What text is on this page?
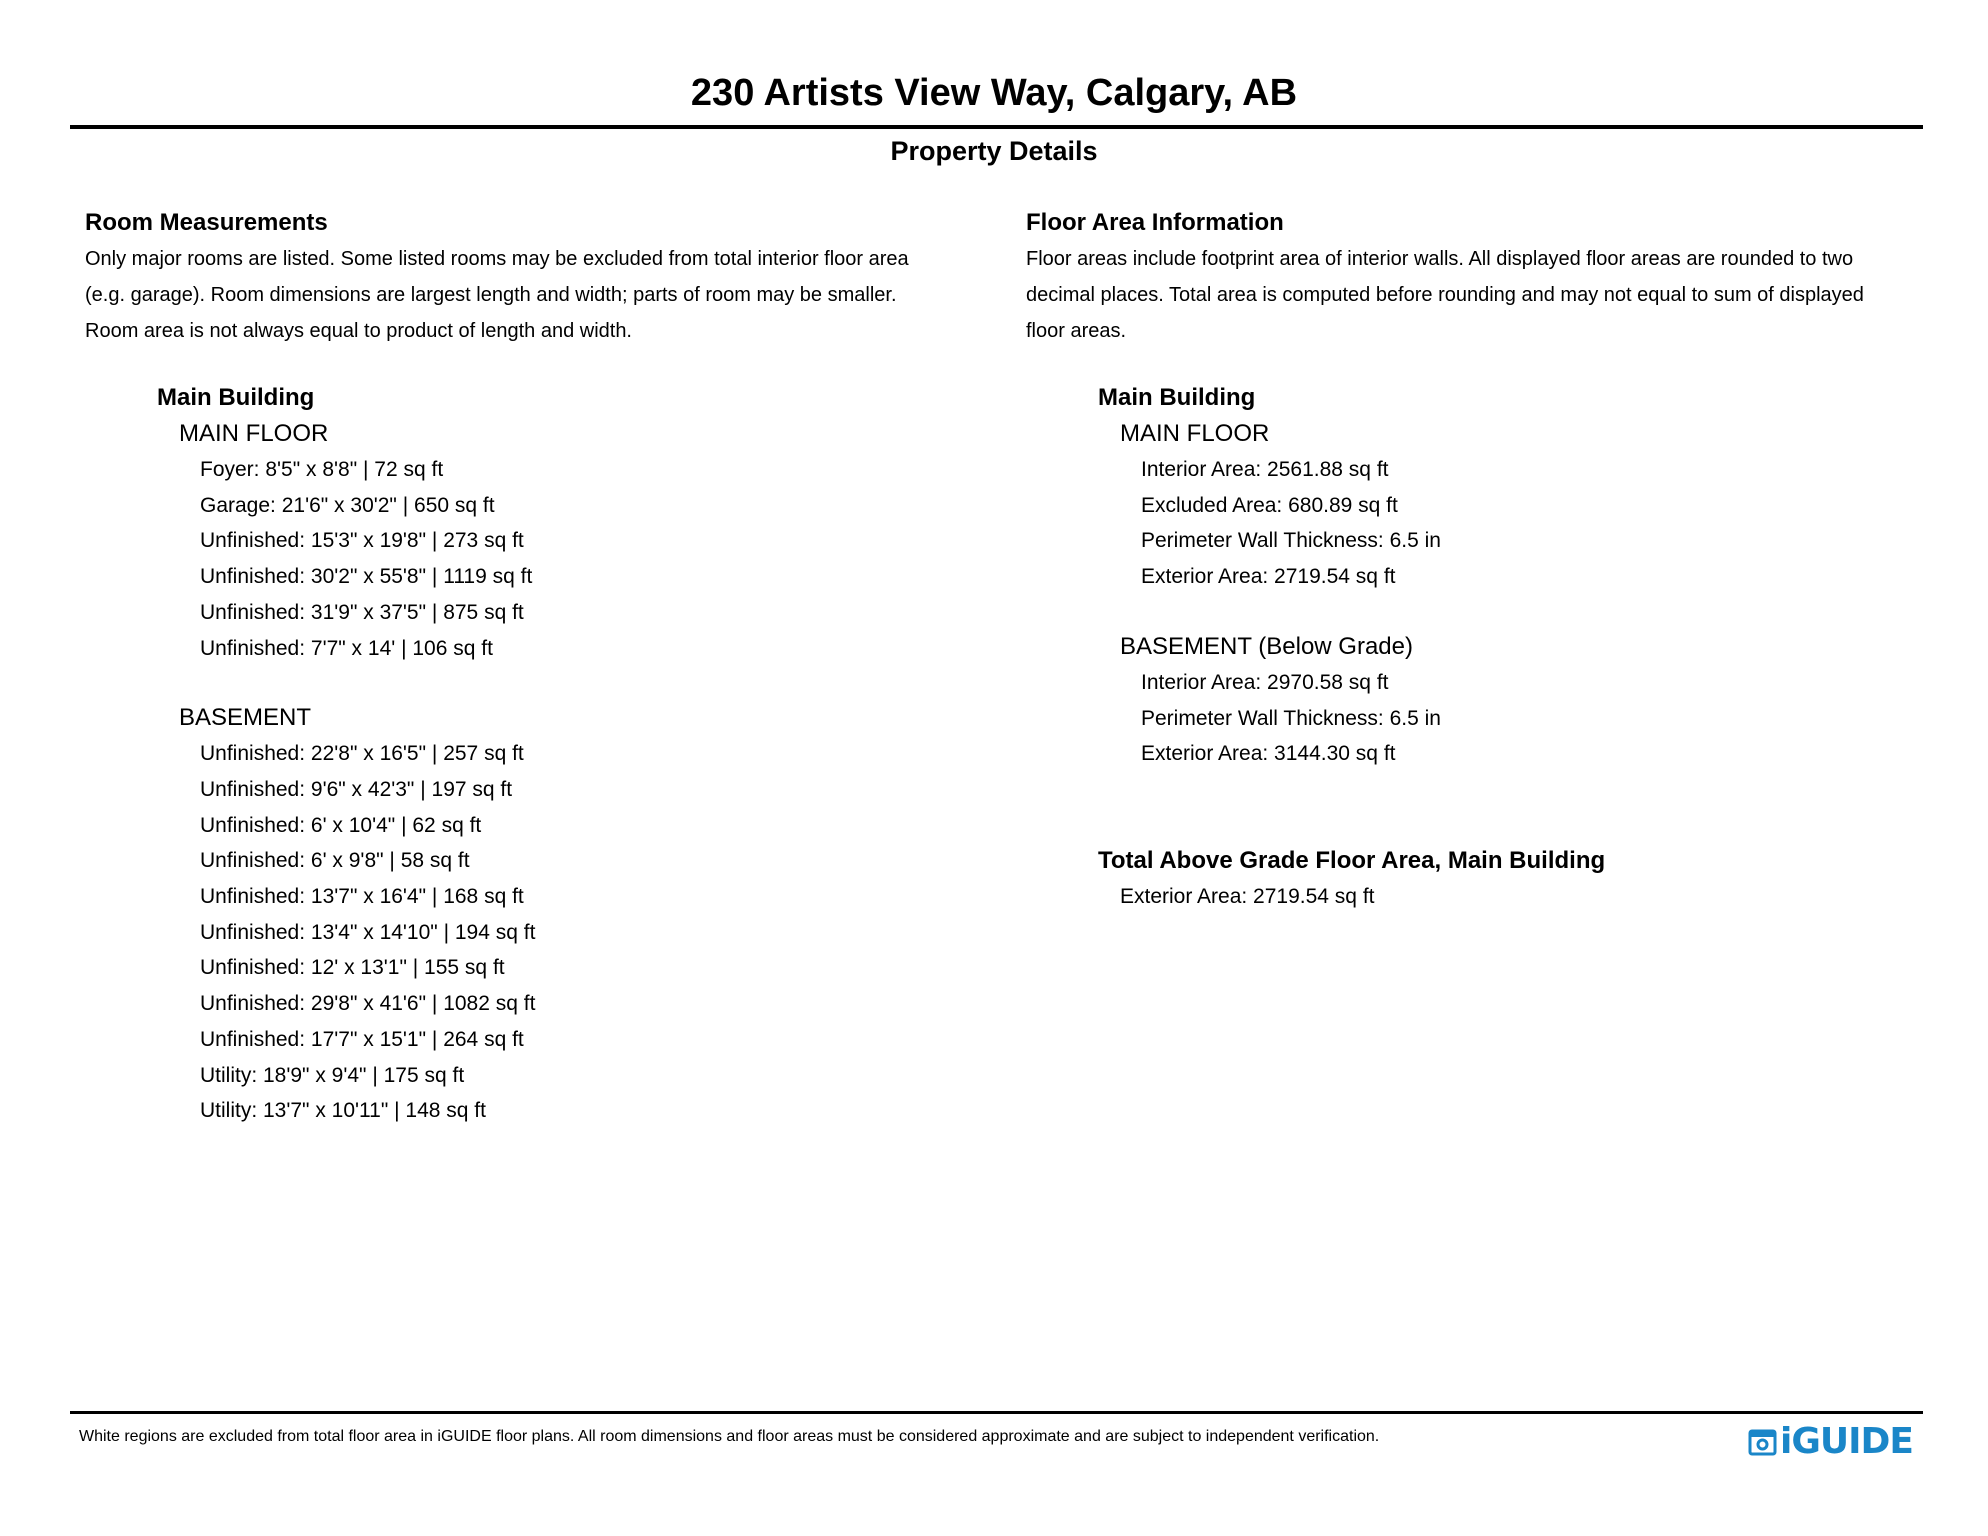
230 Artists View Way, Calgary, AB
Property Details

Room Measurements

Only major rooms are listed. Some listed rooms may be excluded from total interior floor area
(e.g. garage). Room dimensions are largest length and width; parts of room may be smaller.
Room area is not always equal to product of length and width.

Main Building

MAIN FLOOR

Foyer: 8'5" x 8'8" | 72 sq ft

Garage: 21'6" x 30'2" | 650 sq ft

Unfinished: 15'3" x 19'8" | 273 sq ft

Unfinished: 30'2" x 55'8" | 1119 sq ft

Unfinished: 31'9" x 37'5" | 875 sq ft

Unfinished: 7'7" x 14' | 106 sq ft

BASEMENT

Unfinished: 22'8" x 16'5" | 257 sq ft

Unfinished: 9'6" x 42'3" | 197 sq ft

Unfinished: 6' x 10'4" | 62 sq ft

Unfinished: 6' x 9'8" | 58 sq ft

Unfinished: 13'7" x 16'4" | 168 sq ft

Unfinished: 13'4" x 14'10" | 194 sq ft

Unfinished: 12' x 13'1" | 155 sq ft

Unfinished: 29'8" x 41'6" | 1082 sq ft

Unfinished: 17'7" x 15'1" | 264 sq ft

Utility: 18'9" x 9'4" | 175 sq ft

Utility: 13'7" x 10'11" | 148 sq ft

Floor Area Information

Floor areas include footprint area of interior walls. All displayed floor areas are rounded to two
decimal places. Total area is computed before rounding and may not equal to sum of displayed
floor areas.

Main Building

MAIN FLOOR

Interior Area: 2561.88 sq ft

Excluded Area: 680.89 sq ft

Perimeter Wall Thickness: 6.5 in

Exterior Area: 2719.54 sq ft

BASEMENT (Below Grade)

Interior Area: 2970.58 sq ft

Perimeter Wall Thickness: 6.5 in

Exterior Area: 3144.30 sq ft

Total Above Grade Floor Area, Main Building

Exterior Area: 2719.54 sq ft

White regions are excluded from total floor area in iGUIDE floor plans. All room dimensions and floor areas must be considered approximate and are subject to independent verification.	iGUIDE
